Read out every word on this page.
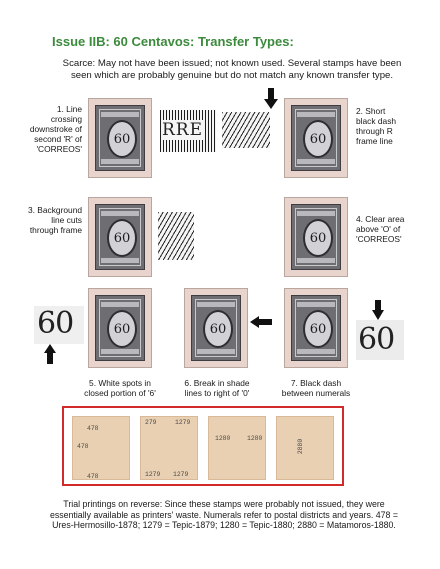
Issue IIB: 60 Centavos: Transfer Types:

Scarce: May not have been issued; not known used. Several stamps have been seen which are probably genuine but do not match any known transfer type.

1. Line crossing downstroke of second 'R' of 'CORREOS'
60 RRE	60
2. Short black dash through R frame line
3. Background line cuts through frame
60	60
4. Clear area above 'O' of 'CORREOS'
60	60	60	60 60
5. White spots in closed portion of '6'
6. Break in shade lines to right of '0'
7. Black dash between numerals
478
478
478
279	1279
1279 1279
1280	1280
2880

Trial printings on reverse: Since these stamps were probably not issued, they were essentially available as printers' waste. Numerals refer to postal districts and years. 478 = Ures-Hermosillo-1878; 1279 = Tepic-1879; 1280 = Tepic-1880; 2880 = Matamoros-1880.
